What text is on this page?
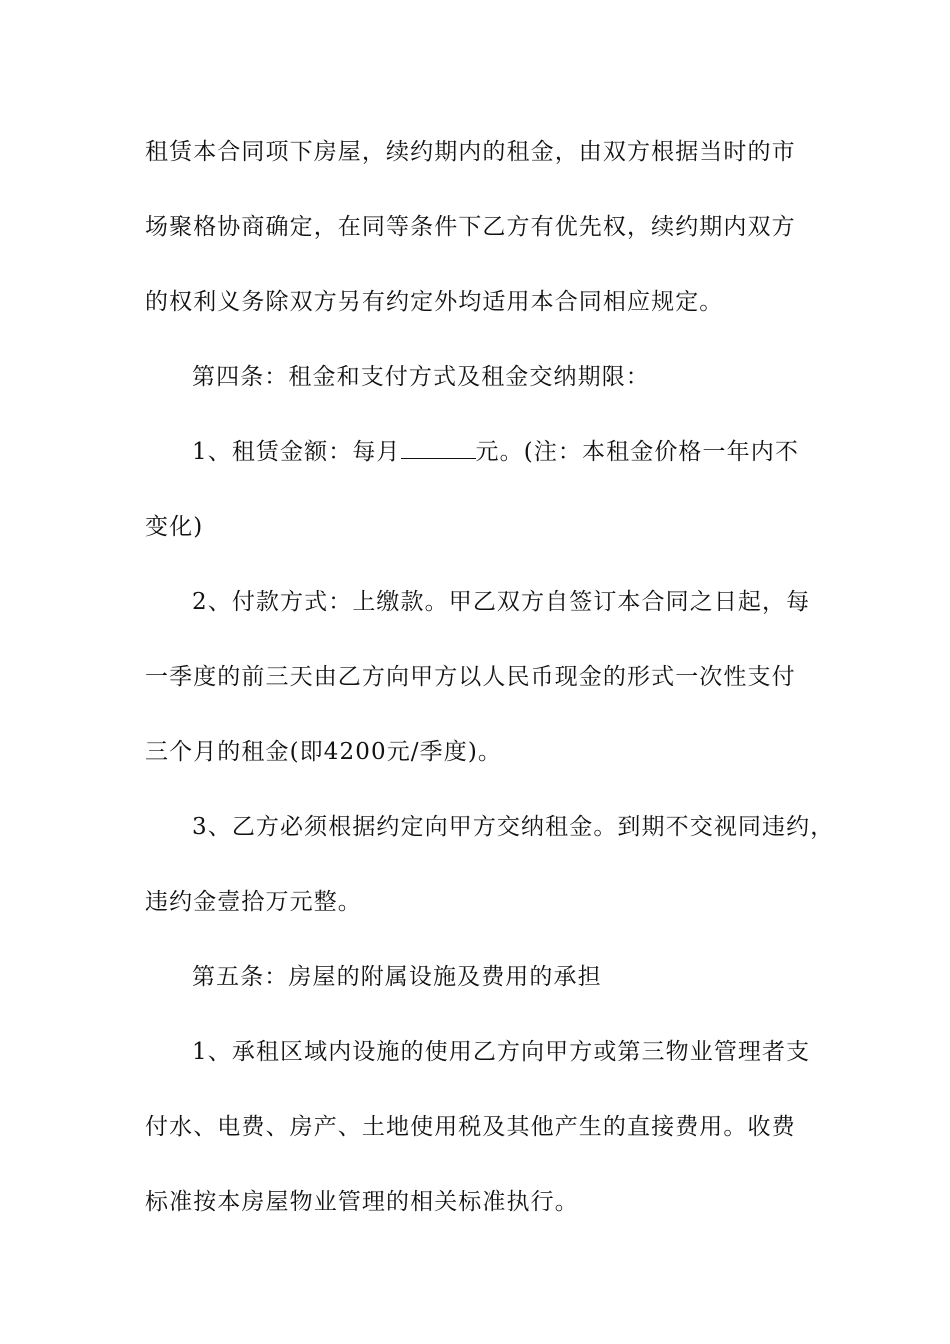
租赁本合同项下房屋，续约期内的租金，由双方根据当时的市
场聚格协商确定，在同等条件下乙方有优先权，续约期内双方
的权利义务除双方另有约定外均适用本合同相应规定。
第四条：租金和支付方式及租金交纳期限：
1、租赁金额：每月	元。(注：本租金价格一年内不
变化)
2、付款方式：上缴款。甲乙双方自签订本合同之日起，每
一季度的前三天由乙方向甲方以人民币现金的形式一次性支付
三个月的租金(即4200元/季度)。
3、乙方必须根据约定向甲方交纳租金。到期不交视同违约，
违约金壹拾万元整。
第五条：房屋的附属设施及费用的承担
1、承租区域内设施的使用乙方向甲方或第三物业管理者支
付水、电费、房产、土地使用税及其他产生的直接费用。收费
标准按本房屋物业管理的相关标准执行。
